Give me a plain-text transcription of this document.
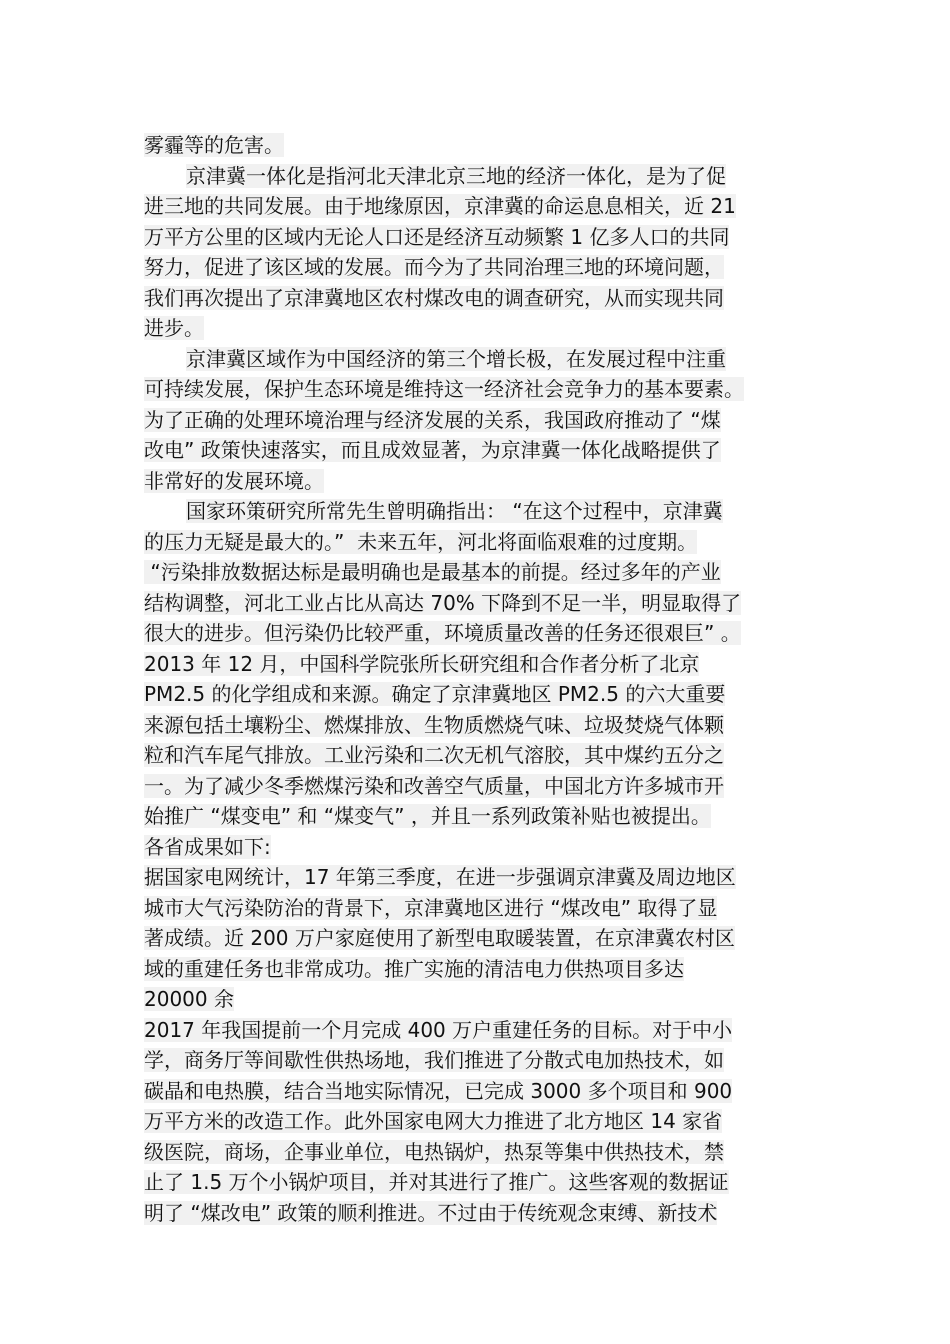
雾霾等的危害。
京津冀一体化是指河北天津北京三地的经济一体化，是为了促
进三地的共同发展。由于地缘原因，京津冀的命运息息相关，近 21
万平方公里的区域内无论人口还是经济互动频繁 1 亿多人口的共同
努力，促进了该区域的发展。而今为了共同治理三地的环境问题，
我们再次提出了京津冀地区农村煤改电的调查研究，从而实现共同
进步。
京津冀区域作为中国经济的第三个增长极，在发展过程中注重
可持续发展，保护生态环境是维持这一经济社会竞争力的基本要素。
为了正确的处理环境治理与经济发展的关系，我国政府推动了 “煤
改电” 政策快速落实，而且成效显著，为京津冀一体化战略提供了
非常好的发展环境。
国家环策研究所常先生曾明确指出： “在这个过程中，京津冀
的压力无疑是最大的。”  未来五年，河北将面临艰难的过度期。
“污染排放数据达标是最明确也是最基本的前提。经过多年的产业
结构调整，河北工业占比从高达 70% 下降到不足一半，明显取得了
很大的进步。但污染仍比较严重，环境质量改善的任务还很艰巨” 。
2013 年 12 月，中国科学院张所长研究组和合作者分析了北京
PM2.5 的化学组成和来源。确定了京津冀地区 PM2.5 的六大重要
来源包括土壤粉尘、燃煤排放、生物质燃烧气味、垃圾焚烧气体颗
粒和汽车尾气排放。工业污染和二次无机气溶胶，其中煤约五分之
一。为了减少冬季燃煤污染和改善空气质量，中国北方许多城市开
始推广 “煤变电” 和 “煤变气” ，并且一系列政策补贴也被提出。
各省成果如下:
据国家电网统计，17 年第三季度，在进一步强调京津冀及周边地区
城市大气污染防治的背景下，京津冀地区进行 “煤改电” 取得了显
著成绩。近 200 万户家庭使用了新型电取暖装置，在京津冀农村区
域的重建任务也非常成功。推广实施的清洁电力供热项目多达
20000 余
2017 年我国提前一个月完成 400 万户重建任务的目标。对于中小
学，商务厅等间歇性供热场地，我们推进了分散式电加热技术，如
碳晶和电热膜，结合当地实际情况，已完成 3000 多个项目和 900
万平方米的改造工作。此外国家电网大力推进了北方地区 14 家省
级医院，商场，企事业单位，电热锅炉，热泵等集中供热技术，禁
止了 1.5 万个小锅炉项目，并对其进行了推广。这些客观的数据证
明了 “煤改电” 政策的顺利推进。不过由于传统观念束缚、新技术
